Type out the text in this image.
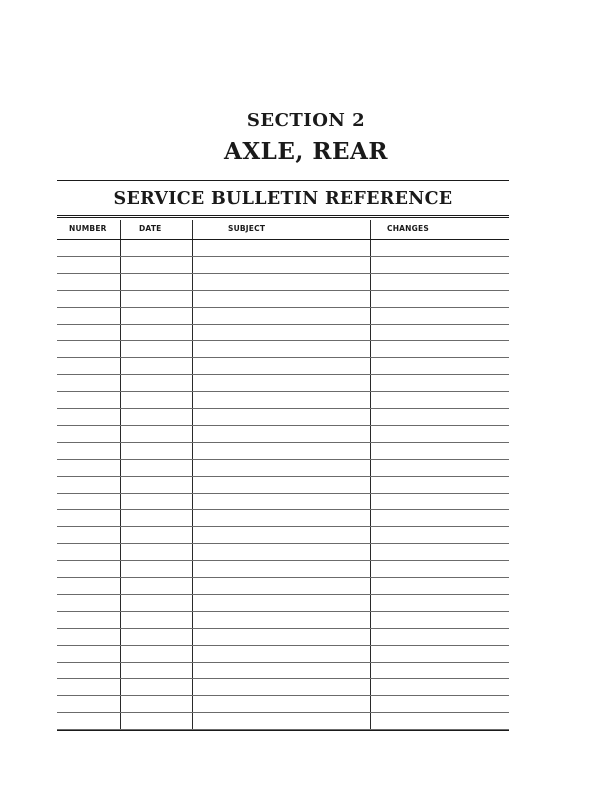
SECTION 2
AXLE, REAR
SERVICE BULLETIN REFERENCE
NUMBER	DATE	SUBJECT	CHANGES
